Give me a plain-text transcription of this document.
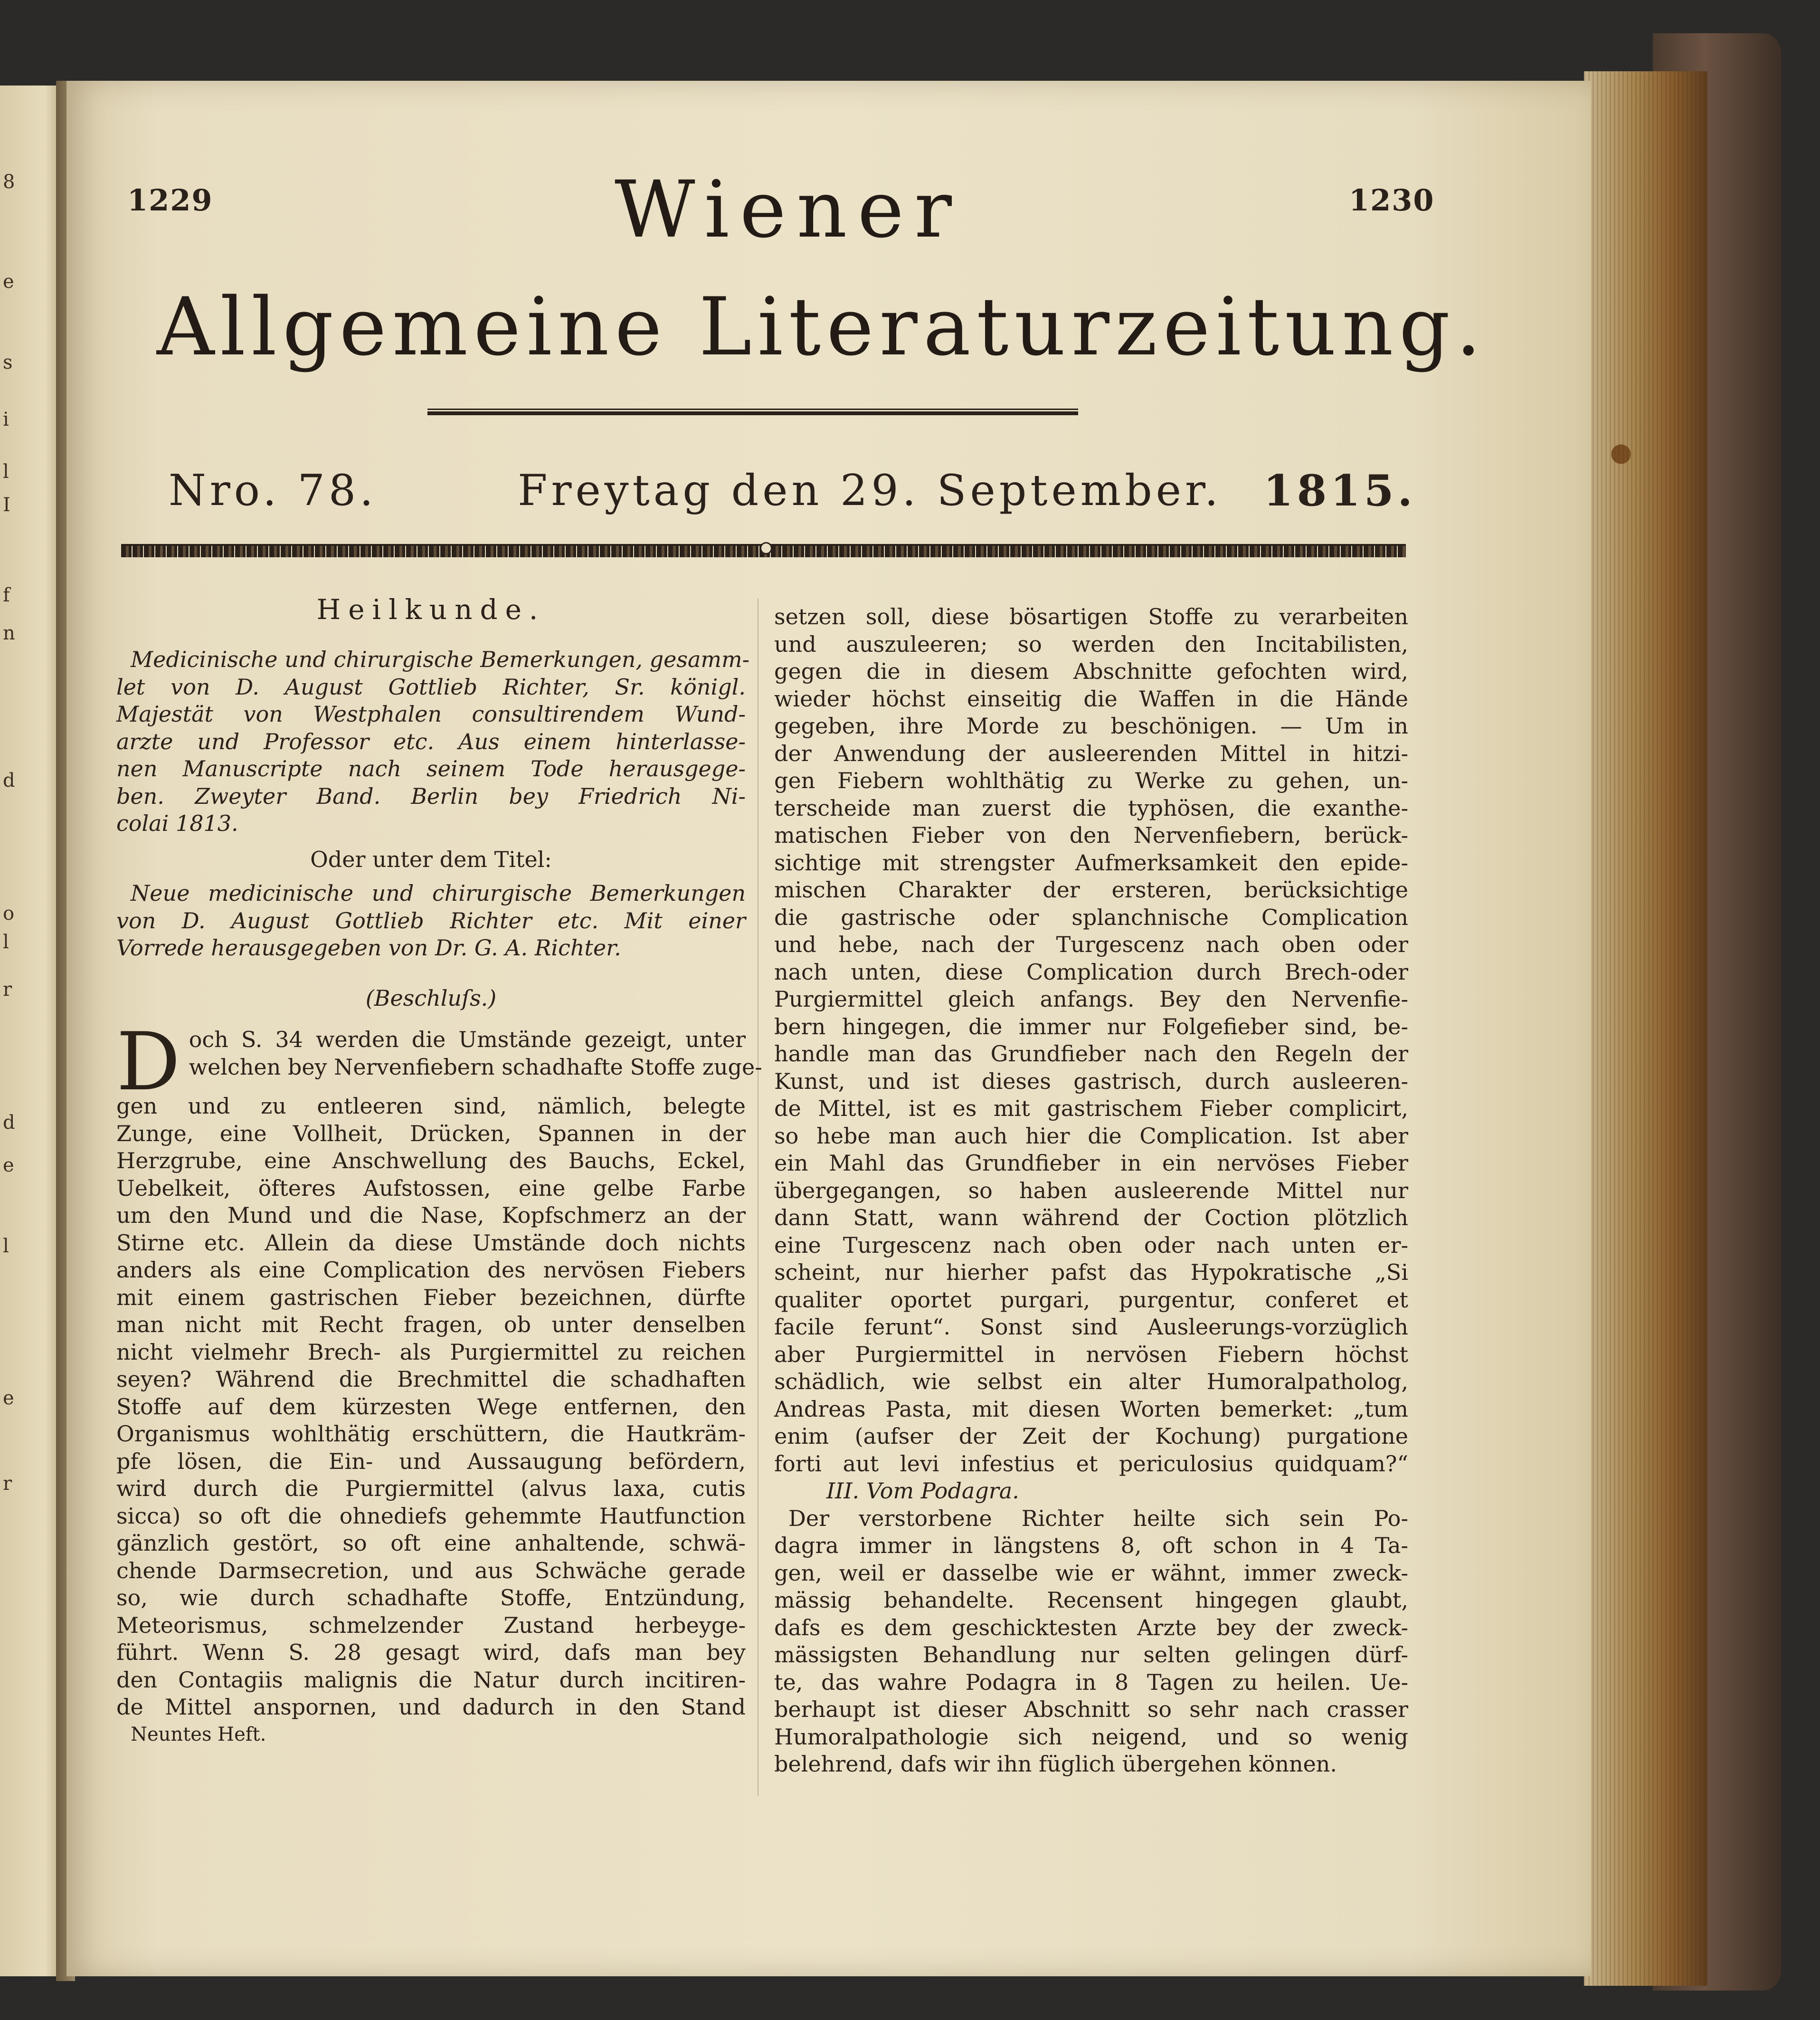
8
e
s
i
l
I
f
n
d
o
l
r
d
e
l
e
r
1229	1230
Wiener
Allgemeine Literaturzeitung.
Nro. 78.	Freytag den 29. September. 1815.
Heilkunde.
Medicinische und chirurgische Bemerkungen, gesamm-
let von D. August Gottlieb Richter, Sr. königl.
Majestät von Westphalen consultirendem Wund-
arzte und Professor etc. Aus einem hinterlasse-
nen Manuscripte nach seinem Tode herausgege-
ben. Zweyter Band. Berlin bey Friedrich Ni-
colai 1813.
Oder unter dem Titel:
Neue medicinische und chirurgische Bemerkungen
von D. August Gottlieb Richter etc. Mit einer
Vorrede herausgegeben von Dr. G. A. Richter.
(Beschluſs.)
D och S. 34 werden die Umstände gezeigt, unter
welchen bey Nervenfiebern schadhafte Stoffe zuge-
gen und zu entleeren sind, nämlich, belegte
Zunge, eine Vollheit, Drücken, Spannen in der
Herzgrube, eine Anschwellung des Bauchs, Eckel,
Uebelkeit, öfteres Aufstossen, eine gelbe Farbe
um den Mund und die Nase, Kopfschmerz an der
Stirne etc. Allein da diese Umstände doch nichts
anders als eine Complication des nervösen Fiebers
mit einem gastrischen Fieber bezeichnen, dürfte
man nicht mit Recht fragen, ob unter denselben
nicht vielmehr Brech- als Purgiermittel zu reichen
seyen? Während die Brechmittel die schadhaften
Stoffe auf dem kürzesten Wege entfernen, den
Organismus wohlthätig erschüttern, die Hautkräm-
pfe lösen, die Ein- und Aussaugung befördern,
wird durch die Purgiermittel (alvus laxa, cutis
sicca) so oft die ohnediefs gehemmte Hautfunction
gänzlich gestört, so oft eine anhaltende, schwä-
chende Darmsecretion, und aus Schwäche gerade
so, wie durch schadhafte Stoffe, Entzündung,
Meteorismus, schmelzender Zustand herbeyge-
führt. Wenn S. 28 gesagt wird, dafs man bey
den Contagiis malignis die Natur durch incitiren-
de Mittel anspornen, und dadurch in den Stand
Neuntes Heft.
setzen soll, diese bösartigen Stoffe zu verarbeiten
und auszuleeren; so werden den Incitabilisten,
gegen die in diesem Abschnitte gefochten wird,
wieder höchst einseitig die Waffen in die Hände
gegeben, ihre Morde zu beschönigen. — Um in
der Anwendung der ausleerenden Mittel in hitzi-
gen Fiebern wohlthätig zu Werke zu gehen, un-
terscheide man zuerst die typhösen, die exanthe-
matischen Fieber von den Nervenfiebern, berück-
sichtige mit strengster Aufmerksamkeit den epide-
mischen Charakter der ersteren, berücksichtige
die gastrische oder splanchnische Complication
und hebe, nach der Turgescenz nach oben oder
nach unten, diese Complication durch Brech-oder
Purgiermittel gleich anfangs. Bey den Nervenfie-
bern hingegen, die immer nur Folgefieber sind, be-
handle man das Grundfieber nach den Regeln der
Kunst, und ist dieses gastrisch, durch ausleeren-
de Mittel, ist es mit gastrischem Fieber complicirt,
so hebe man auch hier die Complication. Ist aber
ein Mahl das Grundfieber in ein nervöses Fieber
übergegangen, so haben ausleerende Mittel nur
dann Statt, wann während der Coction plötzlich
eine Turgescenz nach oben oder nach unten er-
scheint, nur hierher pafst das Hypokratische „Si
qualiter oportet purgari, purgentur, conferet et
facile ferunt“. Sonst sind Ausleerungs-vorzüglich
aber Purgiermittel in nervösen Fiebern höchst
schädlich, wie selbst ein alter Humoralpatholog,
Andreas Pasta, mit diesen Worten bemerket: „tum
enim (aufser der Zeit der Kochung) purgatione
forti aut levi infestius et periculosius quidquam?“
III. Vom Podagra.
Der verstorbene Richter heilte sich sein Po-
dagra immer in längstens 8, oft schon in 4 Ta-
gen, weil er dasselbe wie er wähnt, immer zweck-
mässig behandelte. Recensent hingegen glaubt,
dafs es dem geschicktesten Arzte bey der zweck-
mässigsten Behandlung nur selten gelingen dürf-
te, das wahre Podagra in 8 Tagen zu heilen. Ue-
berhaupt ist dieser Abschnitt so sehr nach crasser
Humoralpathologie sich neigend, und so wenig
belehrend, dafs wir ihn füglich übergehen können.
